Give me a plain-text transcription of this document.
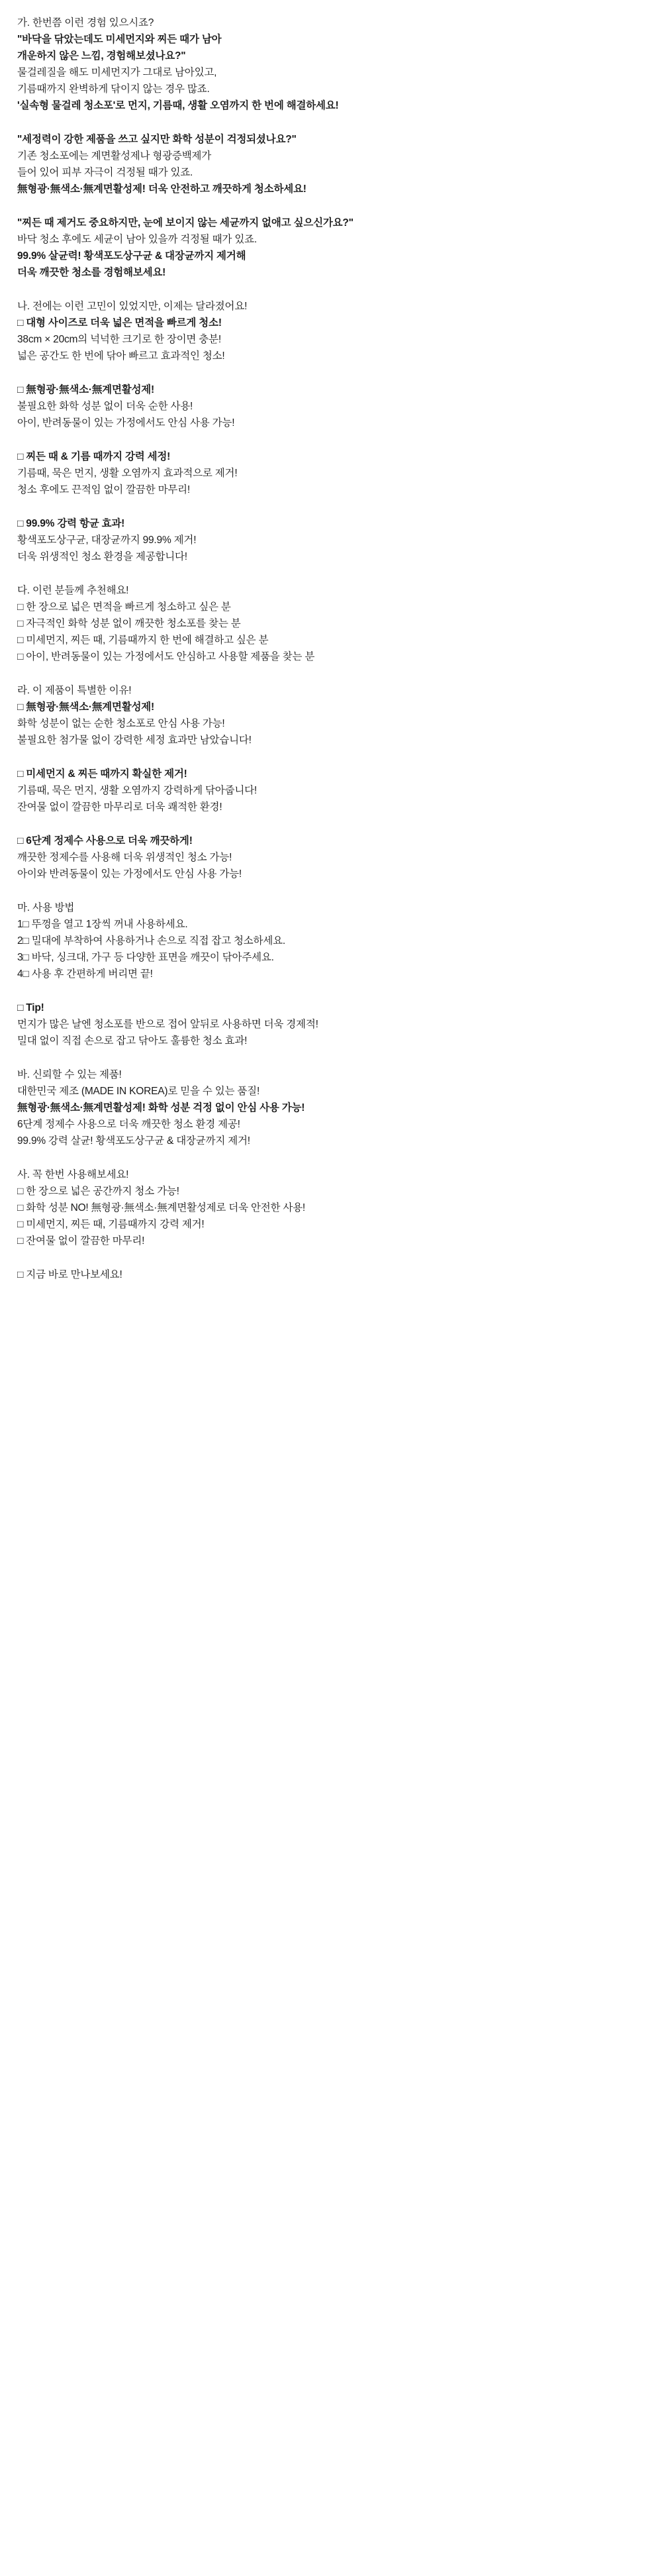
가. 한번쯤 이런 경험 있으시죠?
"바닥을 닦았는데도 미세먼지와 찌든 때가 남아
개운하지 않은 느낌, 경험해보셨나요?"
물걸레질을 해도 미세먼지가 그대로 남아있고,
기름때까지 완벽하게 닦이지 않는 경우 많죠.
'실속형 물걸레 청소포'로 먼지, 기름때, 생활 오염까지 한 번에 해결하세요!
"세정력이 강한 제품을 쓰고 싶지만 화학 성분이 걱정되셨나요?"
기존 청소포에는 계면활성제나 형광증백제가
들어 있어 피부 자극이 걱정될 때가 있죠.
無형광·無색소·無계면활성제! 더욱 안전하고 깨끗하게 청소하세요!
"찌든 때 제거도 중요하지만, 눈에 보이지 않는 세균까지 없애고 싶으신가요?"
바닥 청소 후에도 세균이 남아 있을까 걱정될 때가 있죠.
99.9% 살균력! 황색포도상구균 & 대장균까지 제거해
더욱 깨끗한 청소를 경험해보세요!
나. 전에는 이런 고민이 있었지만, 이제는 달라졌어요!
□ 대형 사이즈로 더욱 넓은 면적을 빠르게 청소!
38cm × 20cm의 넉넉한 크기로 한 장이면 충분!
넓은 공간도 한 번에 닦아 빠르고 효과적인 청소!
□ 無형광·無색소·無계면활성제!
불필요한 화학 성분 없이 더욱 순한 사용!
아이, 반려동물이 있는 가정에서도 안심 사용 가능!
□ 찌든 때 & 기름 때까지 강력 세정!
기름때, 묵은 먼지, 생활 오염까지 효과적으로 제거!
청소 후에도 끈적임 없이 깔끔한 마무리!
□ 99.9% 강력 항균 효과!
황색포도상구균, 대장균까지 99.9% 제거!
더욱 위생적인 청소 환경을 제공합니다!
다. 이런 분들께 추천해요!
□ 한 장으로 넓은 면적을 빠르게 청소하고 싶은 분
□ 자극적인 화학 성분 없이 깨끗한 청소포를 찾는 분
□ 미세먼지, 찌든 때, 기름때까지 한 번에 해결하고 싶은 분
□ 아이, 반려동물이 있는 가정에서도 안심하고 사용할 제품을 찾는 분
라. 이 제품이 특별한 이유!
□ 無형광·無색소·無계면활성제!
화학 성분이 없는 순한 청소포로 안심 사용 가능!
불필요한 첨가물 없이 강력한 세정 효과만 남았습니다!
□ 미세먼지 & 찌든 때까지 확실한 제거!
기름때, 묵은 먼지, 생활 오염까지 강력하게 닦아줍니다!
잔여물 없이 깔끔한 마무리로 더욱 쾌적한 환경!
□ 6단계 정제수 사용으로 더욱 깨끗하게!
깨끗한 정제수를 사용해 더욱 위생적인 청소 가능!
아이와 반려동물이 있는 가정에서도 안심 사용 가능!
마. 사용 방법
1□ 뚜껑을 열고 1장씩 꺼내 사용하세요.
2□ 밀대에 부착하여 사용하거나 손으로 직접 잡고 청소하세요.
3□ 바닥, 싱크대, 가구 등 다양한 표면을 깨끗이 닦아주세요.
4□ 사용 후 간편하게 버리면 끝!
□ Tip!
먼지가 많은 날엔 청소포를 반으로 접어 앞뒤로 사용하면 더욱 경제적!
밀대 없이 직접 손으로 잡고 닦아도 훌륭한 청소 효과!
바. 신뢰할 수 있는 제품!
대한민국 제조 (MADE IN KOREA)로 믿을 수 있는 품질!
無형광·無색소·無계면활성제! 화학 성분 걱정 없이 안심 사용 가능!
6단계 정제수 사용으로 더욱 깨끗한 청소 환경 제공!
99.9% 강력 살균! 황색포도상구균 & 대장균까지 제거!
사. 꼭 한번 사용해보세요!
□ 한 장으로 넓은 공간까지 청소 가능!
□ 화학 성분 NO! 無형광·無색소·無계면활성제로 더욱 안전한 사용!
□ 미세먼지, 찌든 때, 기름때까지 강력 제거!
□ 잔여물 없이 깔끔한 마무리!
□ 지금 바로 만나보세요!
